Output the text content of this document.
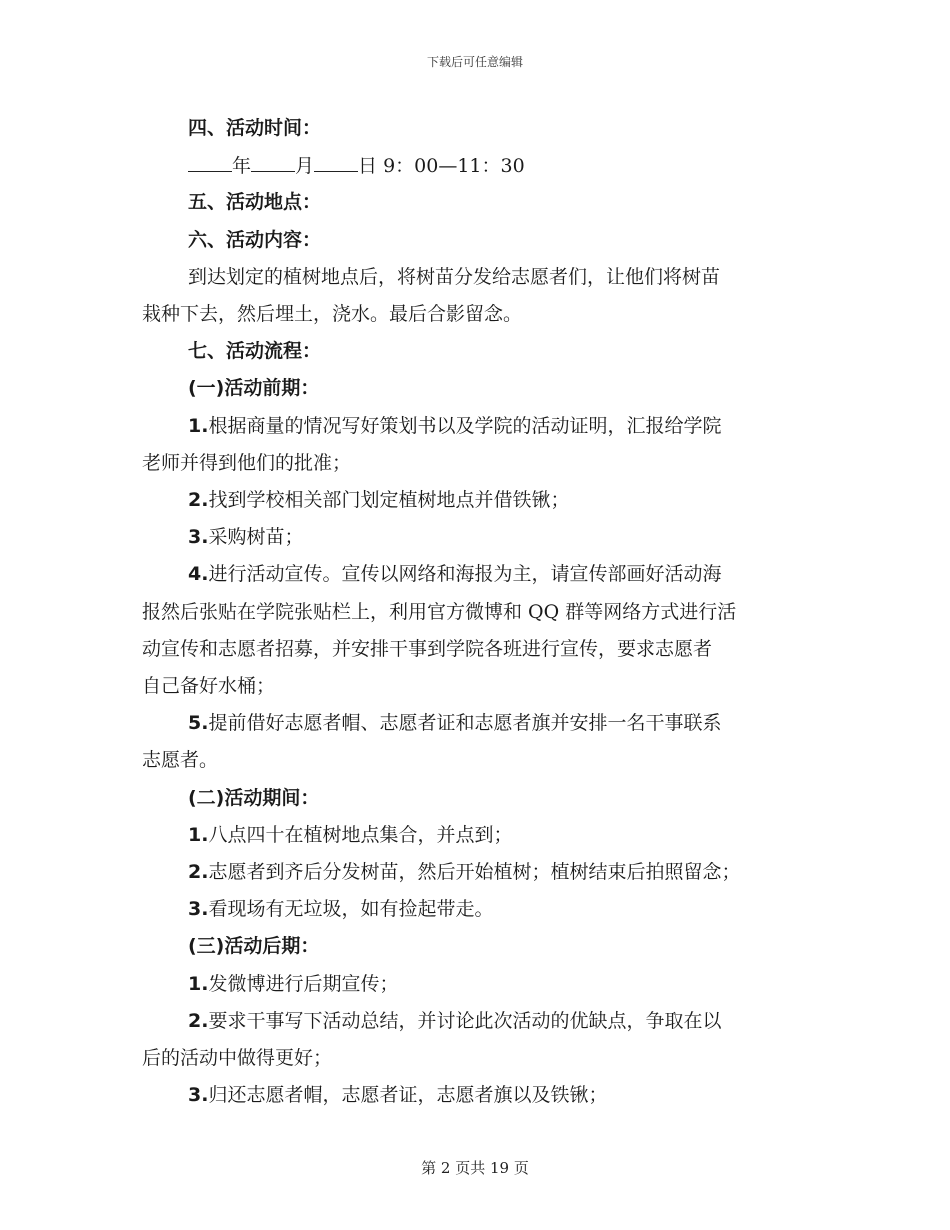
下载后可任意编辑
四、活动时间：
年 月 日 9：00—11：30
五、活动地点：
六、活动内容：
到达划定的植树地点后，将树苗分发给志愿者们，让他们将树苗
栽种下去，然后埋土，浇水。最后合影留念。
七、活动流程：
(一)活动前期：
1.根据商量的情况写好策划书以及学院的活动证明，汇报给学院
老师并得到他们的批准；
2.找到学校相关部门划定植树地点并借铁锹；
3.采购树苗；
4.进行活动宣传。宣传以网络和海报为主，请宣传部画好活动海
报然后张贴在学院张贴栏上，利用官方微博和 QQ 群等网络方式进行活
动宣传和志愿者招募，并安排干事到学院各班进行宣传，要求志愿者
自己备好水桶；
5.提前借好志愿者帽、志愿者证和志愿者旗并安排一名干事联系
志愿者。
(二)活动期间：
1.八点四十在植树地点集合，并点到；
2.志愿者到齐后分发树苗，然后开始植树；植树结束后拍照留念；
3.看现场有无垃圾，如有捡起带走。
(三)活动后期：
1.发微博进行后期宣传；
2.要求干事写下活动总结，并讨论此次活动的优缺点，争取在以
后的活动中做得更好；
3.归还志愿者帽，志愿者证，志愿者旗以及铁锹；
第 2 页共 19 页
